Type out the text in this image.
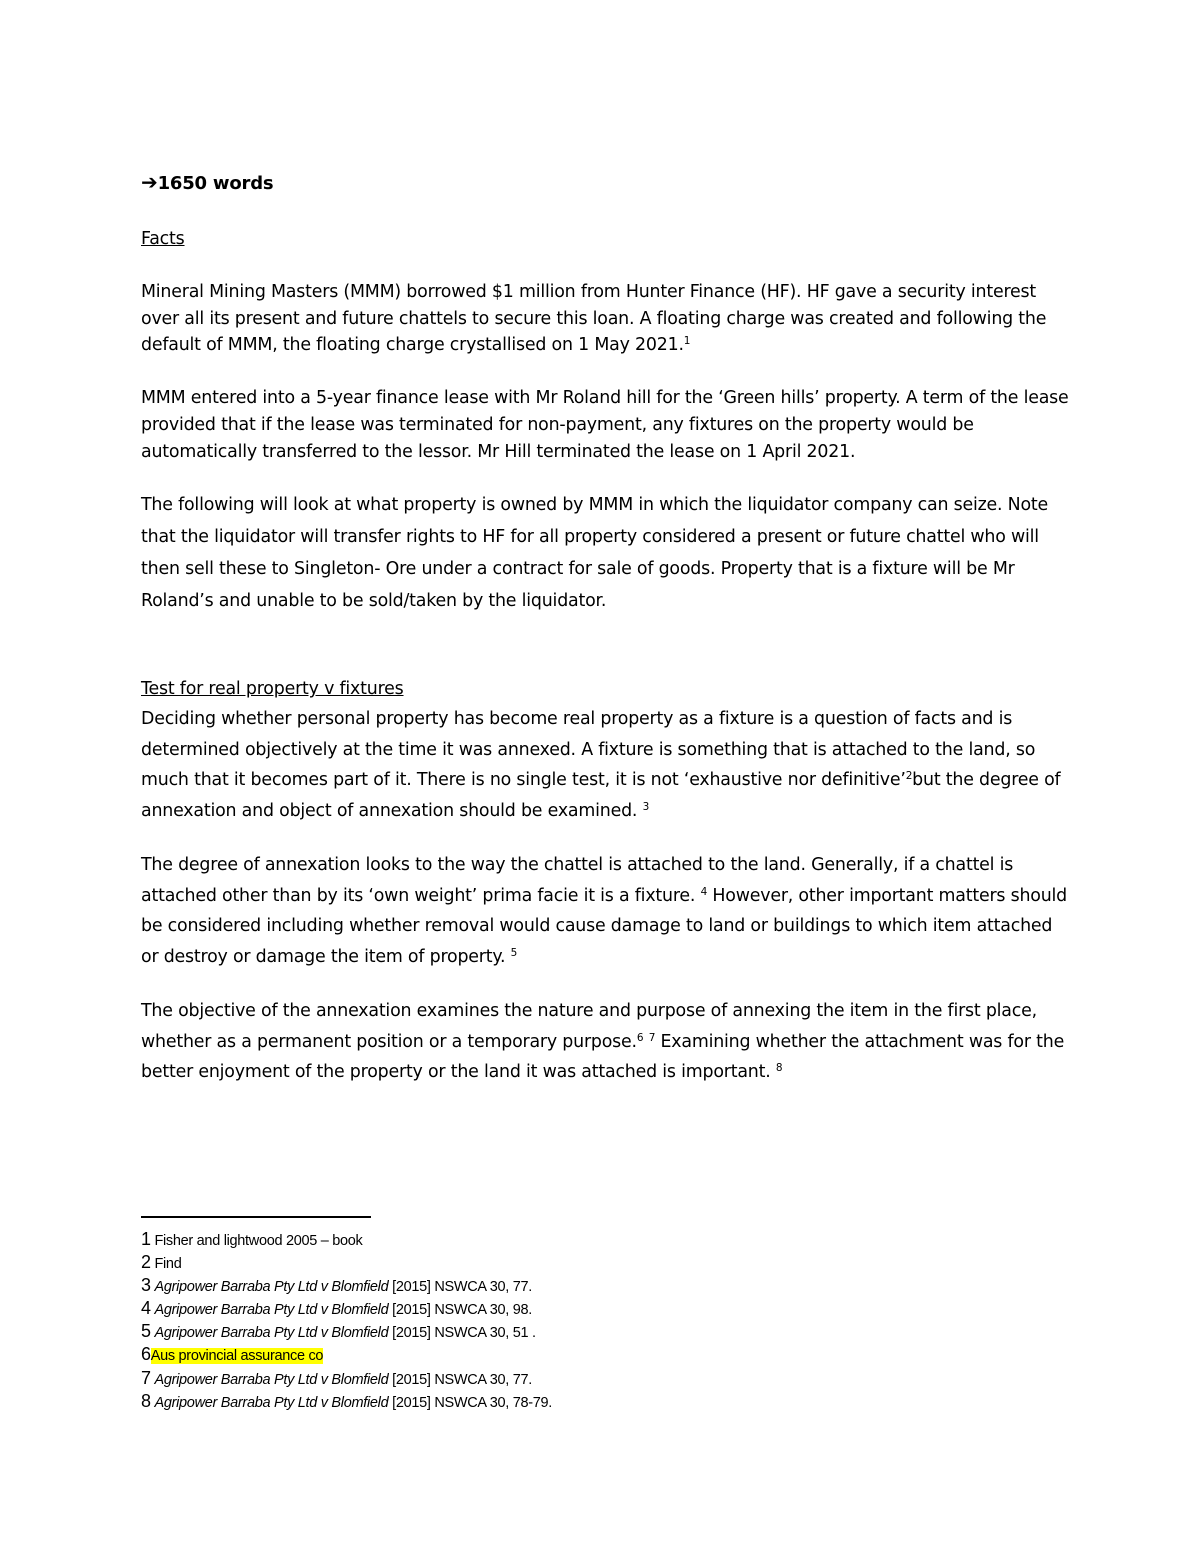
➔1650 words

Facts

Mineral Mining Masters (MMM) borrowed $1 million from Hunter Finance (HF). HF gave a security interest over all its present and future chattels to secure this loan. A floating charge was created and following the default of MMM, the floating charge crystallised on 1 May 2021.$^1$

MMM entered into a 5-year finance lease with Mr Roland hill for the ‘Green hills’ property. A term of the lease provided that if the lease was terminated for non-payment, any fixtures on the property would be automatically transferred to the lessor. Mr Hill terminated the lease on 1 April 2021.

The following will look at what property is owned by MMM in which the liquidator company can seize. Note that the liquidator will transfer rights to HF for all property considered a present or future chattel who will then sell these to Singleton- Ore under a contract for sale of goods. Property that is a fixture will be Mr Roland’s and unable to be sold/taken by the liquidator.

Test for real property v fixtures

Deciding whether personal property has become real property as a fixture is a question of facts and is determined objectively at the time it was annexed. A fixture is something that is attached to the land, so much that it becomes part of it. There is no single test, it is not ‘exhaustive nor definitive’$^2$but the degree of annexation and object of annexation should be examined. $^3$

The degree of annexation looks to the way the chattel is attached to the land. Generally, if a chattel is attached other than by its ‘own weight’ prima facie it is a fixture. $^4$ However, other important matters should be considered including whether removal would cause damage to land or buildings to which item attached or destroy or damage the item of property. $^5$

The objective of the annexation examines the nature and purpose of annexing the item in the first place, whether as a permanent position or a temporary purpose.$^6$ $^7$ Examining whether the attachment was for the better enjoyment of the property or the land it was attached is important. $^8$

1 Fisher and lightwood 2005 – book
2 Find
3 Agripower Barraba Pty Ltd v Blomfield [2015] NSWCA 30, 77.
4 Agripower Barraba Pty Ltd v Blomfield [2015] NSWCA 30, 98.
5 Agripower Barraba Pty Ltd v Blomfield [2015] NSWCA 30, 51 .
6Aus provincial assurance co
7 Agripower Barraba Pty Ltd v Blomfield [2015] NSWCA 30, 77.
8 Agripower Barraba Pty Ltd v Blomfield [2015] NSWCA 30, 78-79.
